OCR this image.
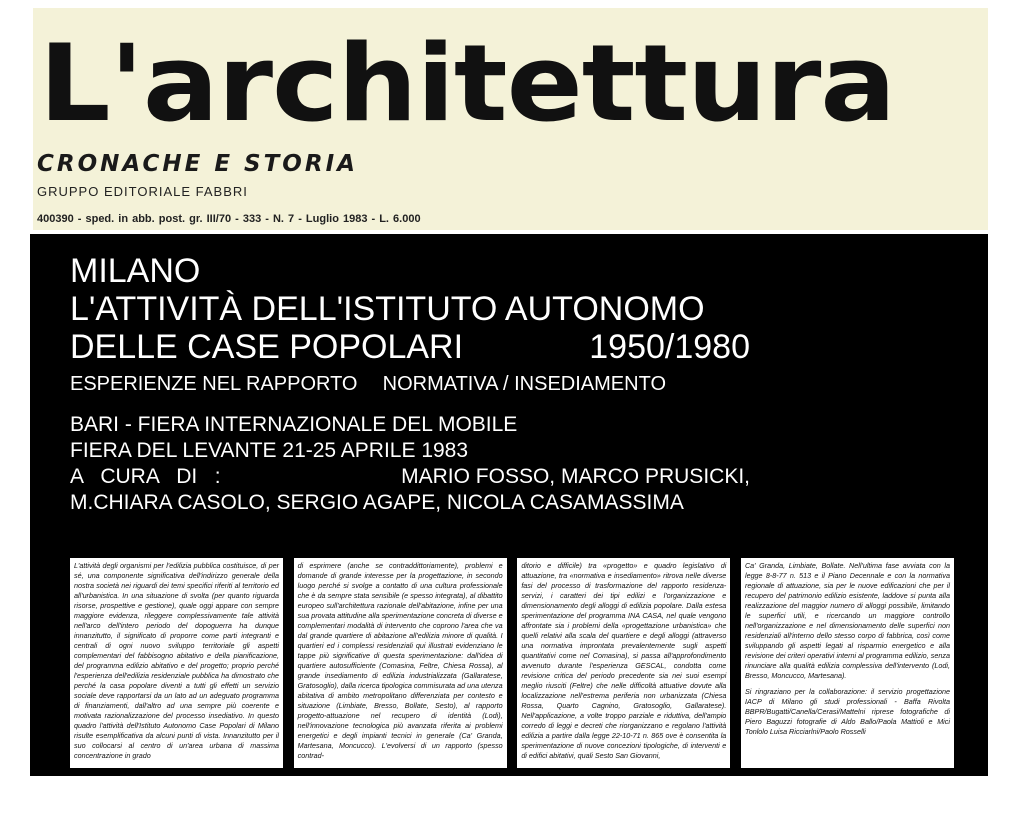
L'architettura
CRONACHE E STORIA
GRUPPO EDITORIALE FABBRI
400390 - sped. in abb. post. gr. III/70 - 333 - N. 7 - Luglio 1983 - L. 6.000
MILANO
L'ATTIVITÀ DELL'ISTITUTO AUTONOMO
DELLE CASE POPOLARI	1950/1980
ESPERIENZE NEL RAPPORTO NORMATIVA / INSEDIAMENTO
BARI - FIERA INTERNAZIONALE DEL MOBILE
FIERA DEL LEVANTE 21-25 APRILE 1983
A   CURA   DI   :	MARIO FOSSO, MARCO PRUSICKI,
M.CHIARA CASOLO, SERGIO AGAPE, NICOLA CASAMASSIMA

L'attività degli organismi per l'edilizia pubblica costituisce, di per sé, una componente significativa dell'indirizzo generale della nostra società nei riguardi dei temi specifici riferiti al territorio ed all'urbanistica. In una situazione di svolta (per quanto riguarda risorse, prospettive e gestione), quale oggi appare con sempre maggiore evidenza, rileggere complessivamente tale attività nell'arco dell'intero periodo del dopoguerra ha dunque innanzitutto, il significato di proporre come parti integranti e centrali di ogni nuovo sviluppo territoriale gli aspetti complementari del fabbisogno abitativo e della pianificazione, del programma edilizio abitativo e del progetto; proprio perché l'esperienza dell'edilizia residenziale pubblica ha dimostrato che perché la casa popolare diventi a tutti gli effetti un servizio sociale deve rapportarsi da un lato ad un adeguato programma di finanziamenti, dall'altro ad una sempre più coerente e motivata razionalizzazione del processo insediativo. In questo quadro l'attività dell'Istituto Autonomo Case Popolari di Milano risulte esemplificativa da alcuni punti di vista. Innanzitutto per il suo collocarsi al centro di un'area urbana di massima concentrazione in grado

di esprimere (anche se contraddittoriamente), problemi e domande di grande interesse per la progettazione, in secondo luogo perché si svolge a contatto di una cultura professionale che è da sempre stata sensibile (e spesso integrata), al dibattito europeo sull'architettura razionale dell'abitazione, infine per una sua provata attitudine alla sperimentazione concreta di diverse e complementari modalità di intervento che coprono l'area che va dal grande quartiere di abitazione all'edilizia minore di qualità. I quartieri ed i complessi residenziali qui illustrati evidenziano le tappe più significative di questa sperimentazione: dall'idea di quartiere autosufficiente (Comasina, Feltre, Chiesa Rossa), al grande insediamento di edilizia industrializzata (Gallaratese, Gratosoglio), dalla ricerca tipologica commisurata ad una utenza abitativa di ambito metropolitano differenziata per contesto e situazione (Limbiate, Bresso, Bollate, Sesto), al rapporto progetto-attuazione nel recupero di identità (Lodi), nell'innovazione tecnologica più avanzata riferita ai problemi energetici e degli impianti tecnici in generale (Ca' Granda, Martesana, Moncucco). L'evolversi di un rapporto (spesso contrad-

ditorio e difficile) tra «progetto» e quadro legislativo di attuazione, tra «normativa e insediamento» ritrova nelle diverse fasi del processo di trasformazione del rapporto residenza-servizi, i caratteri dei tipi edilizi e l'organizzazione e dimensionamento degli alloggi di edilizia popolare. Dalla estesa sperimentazione del programma INA CASA, nel quale vengono affrontate sia i problemi della «progettazione urbanistica» che quelli relativi alla scala del quartiere e degli alloggi (attraverso una normativa improntata prevalentemente sugli aspetti quantitativi come nel Comasina), si passa all'approfondimento avvenuto durante l'esperienza GESCAL, condotta come revisione critica del periodo precedente sia nei suoi esempi meglio riusciti (Feltre) che nelle difficoltà attuative dovute alla localizzazione nell'estrema periferia non urbanizzata (Chiesa Rossa, Quarto Cagnino, Gratosoglio, Gallaratese). Nell'applicazione, a volte troppo parziale e riduttiva, dell'ampio corredo di leggi e decreti che riorganizzano e regolano l'attività edilizia a partire dalla legge 22-10-71 n. 865 ove è consentita la sperimentazione di nuove concezioni tipologiche, di interventi e di edifici abitativi, quali Sesto San Giovanni,

Ca' Granda, Limbiate, Bollate. Nell'ultima fase avviata con la legge 8-8-77 n. 513 e il Piano Decennale e con la normativa regionale di attuazione, sia per le nuove edificazioni che per il recupero del patrimonio edilizio esistente, laddove si punta alla realizzazione del maggior numero di alloggi possibile, limitando le superfici utili, e ricercando un maggiore controllo nell'organizzazione e nel dimensionamento delle superfici non residenziali all'interno dello stesso corpo di fabbrica, così come sviluppando gli aspetti legati al risparmio energetico e alla revisione dei criteri operativi interni al programma edilizio, senza rinunciare alla qualità edilizia complessiva dell'intervento (Lodi, Bresso, Moncucco, Martesana).

Si ringraziano per la collaborazione: il servizio progettazione IACP di Milano gli studi professionali - Baffa Rivolta BBPR/Bugatti/Canella/Cerasi/Mattelni riprese fotografiche di Piero Baguzzi fotografie di Aldo Ballo/Paola Mattioli e Mici Tonlolo Luisa Ricciarlni/Paolo Rosselli
